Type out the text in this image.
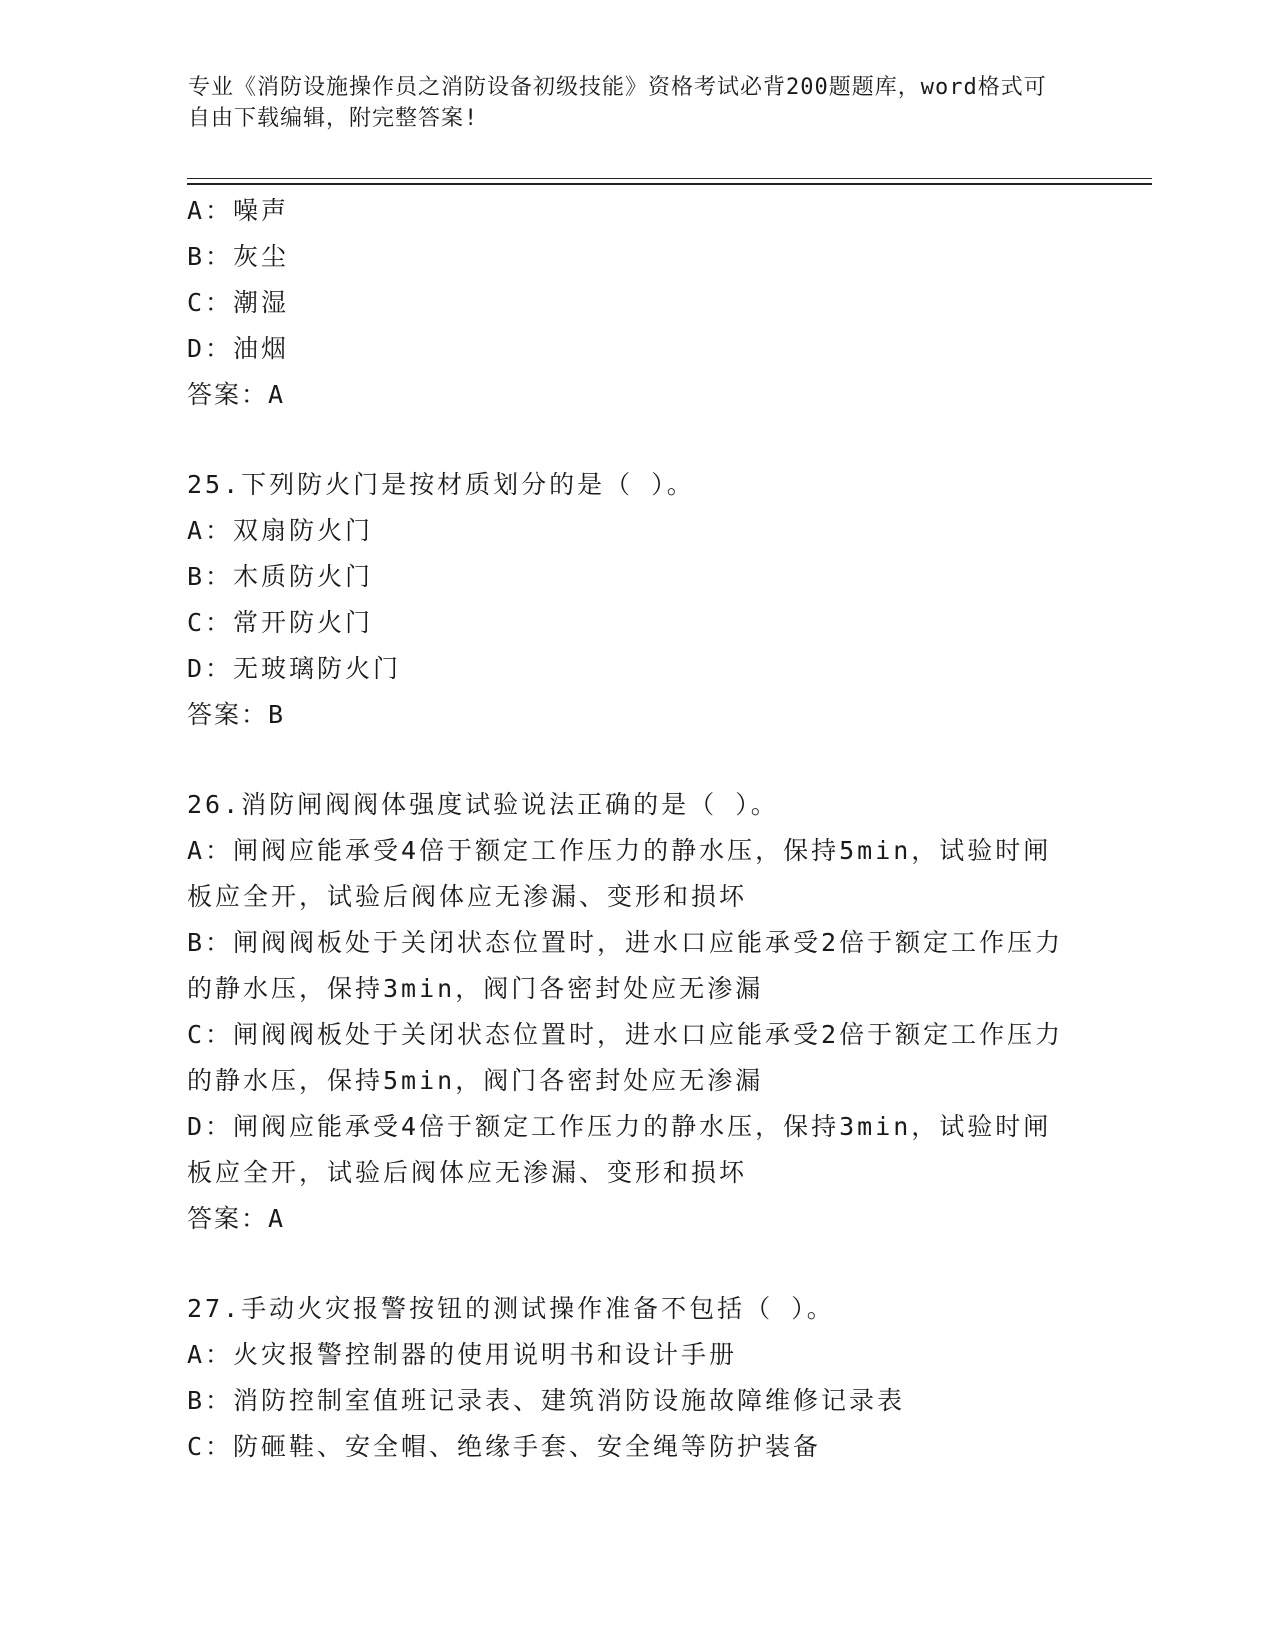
专业《消防设施操作员之消防设备初级技能》资格考试必背200题题库，word格式可自由下载编辑，附完整答案!
A：噪声
B：灰尘
C：潮湿
D：油烟
答案：A
25.下列防火门是按材质划分的是（ ）。
A：双扇防火门
B：木质防火门
C：常开防火门
D：无玻璃防火门
答案：B
26.消防闸阀阀体强度试验说法正确的是（ ）。
A：闸阀应能承受4倍于额定工作压力的静水压，保持5min，试验时闸板应全开，试验后阀体应无渗漏、变形和损坏
B：闸阀阀板处于关闭状态位置时，进水口应能承受2倍于额定工作压力的静水压，保持3min，阀门各密封处应无渗漏
C：闸阀阀板处于关闭状态位置时，进水口应能承受2倍于额定工作压力的静水压，保持5min，阀门各密封处应无渗漏
D：闸阀应能承受4倍于额定工作压力的静水压，保持3min，试验时闸板应全开，试验后阀体应无渗漏、变形和损坏
答案：A
27.手动火灾报警按钮的测试操作准备不包括（ ）。
A：火灾报警控制器的使用说明书和设计手册
B：消防控制室值班记录表、建筑消防设施故障维修记录表
C：防砸鞋、安全帽、绝缘手套、安全绳等防护装备
